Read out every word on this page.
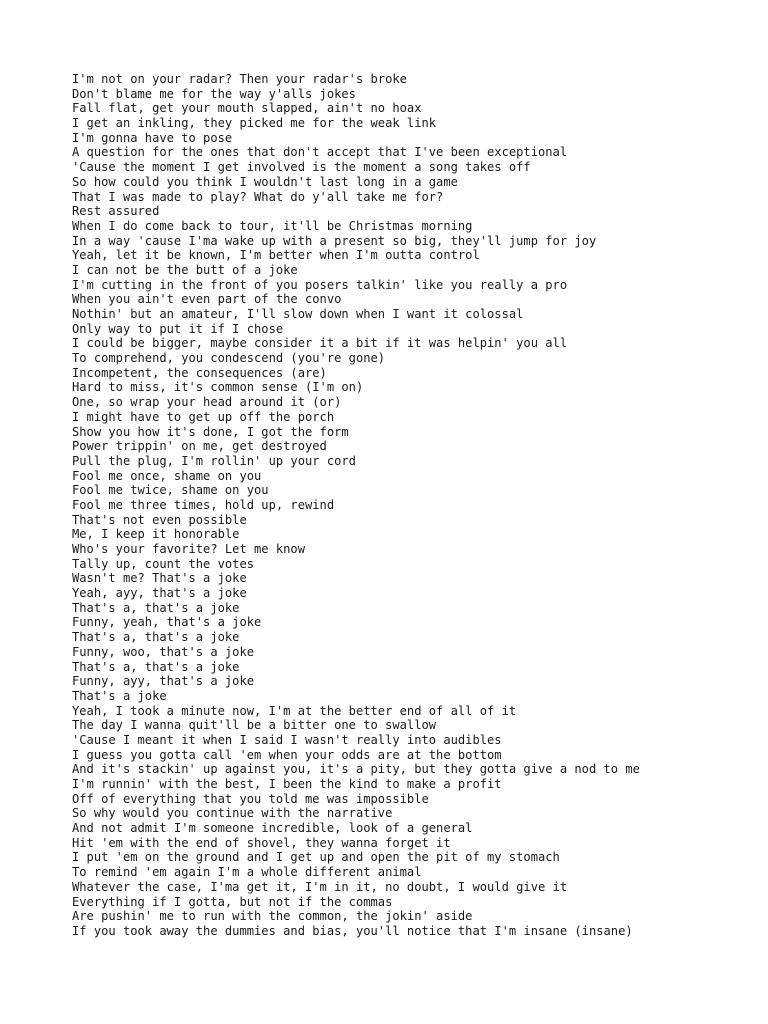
I'm not on your radar? Then your radar's broke
Don't blame me for the way y'alls jokes
Fall flat, get your mouth slapped, ain't no hoax
I get an inkling, they picked me for the weak link
I'm gonna have to pose
A question for the ones that don't accept that I've been exceptional
'Cause the moment I get involved is the moment a song takes off
So how could you think I wouldn't last long in a game
That I was made to play? What do y'all take me for?
Rest assured
When I do come back to tour, it'll be Christmas morning
In a way 'cause I'ma wake up with a present so big, they'll jump for joy
Yeah, let it be known, I'm better when I'm outta control
I can not be the butt of a joke
I'm cutting in the front of you posers talkin' like you really a pro
When you ain't even part of the convo
Nothin' but an amateur, I'll slow down when I want it colossal
Only way to put it if I chose
I could be bigger, maybe consider it a bit if it was helpin' you all
To comprehend, you condescend (you're gone)
Incompetent, the consequences (are)
Hard to miss, it's common sense (I'm on)
One, so wrap your head around it (or)
I might have to get up off the porch
Show you how it's done, I got the form
Power trippin' on me, get destroyed
Pull the plug, I'm rollin' up your cord
Fool me once, shame on you
Fool me twice, shame on you
Fool me three times, hold up, rewind
That's not even possible
Me, I keep it honorable
Who's your favorite? Let me know
Tally up, count the votes
Wasn't me? That's a joke
Yeah, ayy, that's a joke
That's a, that's a joke
Funny, yeah, that's a joke
That's a, that's a joke
Funny, woo, that's a joke
That's a, that's a joke
Funny, ayy, that's a joke
That's a joke
Yeah, I took a minute now, I'm at the better end of all of it
The day I wanna quit'll be a bitter one to swallow
'Cause I meant it when I said I wasn't really into audibles
I guess you gotta call 'em when your odds are at the bottom
And it's stackin' up against you, it's a pity, but they gotta give a nod to me
I'm runnin' with the best, I been the kind to make a profit
Off of everything that you told me was impossible
So why would you continue with the narrative
And not admit I'm someone incredible, look of a general
Hit 'em with the end of shovel, they wanna forget it
I put 'em on the ground and I get up and open the pit of my stomach
To remind 'em again I'm a whole different animal
Whatever the case, I'ma get it, I'm in it, no doubt, I would give it
Everything if I gotta, but not if the commas
Are pushin' me to run with the common, the jokin' aside
If you took away the dummies and bias, you'll notice that I'm insane (insane)
